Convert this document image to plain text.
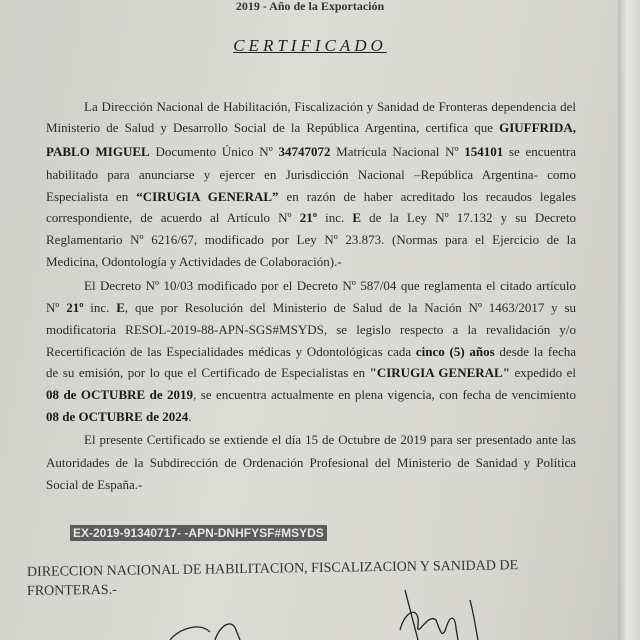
2019 - Año de la Exportación
CERTIFICADO
La Dirección Nacional de Habilitación, Fiscalización y Sanidad de Fronteras dependencia del
Ministerio de Salud y Desarrollo Social de la República Argentina, certifica que GIUFFRIDA,
PABLO MIGUEL Documento Único Nº 34747072 Matrícula Nacional Nº 154101 se encuentra
habilitado para anunciarse y ejercer en Jurisdicción Nacional –República Argentina- como
Especialista en “CIRUGIA GENERAL” en razón de haber acreditado los recaudos legales
correspondiente, de acuerdo al Artículo Nº 21º inc. E de la Ley Nº 17.132 y su Decreto
Reglamentario Nº 6216/67, modificado por Ley Nº 23.873. (Normas para el Ejercicio de la
Medicina, Odontología y Actividades de Colaboración).-
El Decreto Nº 10/03 modificado por el Decreto Nº 587/04 que reglamenta el citado artículo
Nº 21º inc. E, que por Resolución del Ministerio de Salud de la Nación Nº 1463/2017 y su
modificatoria RESOL-2019-88-APN-SGS#MSYDS, se legislo respecto a la revalidación y/o
Recertificación de las Especialidades médicas y Odontológicas cada cinco (5) años desde la fecha
de su emisión, por lo que el Certificado de Especialistas en "CIRUGIA GENERAL" expedido el
08 de OCTUBRE de 2019, se encuentra actualmente en plena vigencia, con fecha de vencimiento
08 de OCTUBRE de 2024.
El presente Certificado se extiende el día 15 de Octubre de 2019 para ser presentado ante las
Autoridades de la Subdirección de Ordenación Profesional del Ministerio de Sanidad y Política
Social de España.-
EX-2019-91340717- -APN-DNHFYSF#MSYDS
DIRECCION NACIONAL DE HABILITACION, FISCALIZACION Y SANIDAD DE
FRONTERAS.-
